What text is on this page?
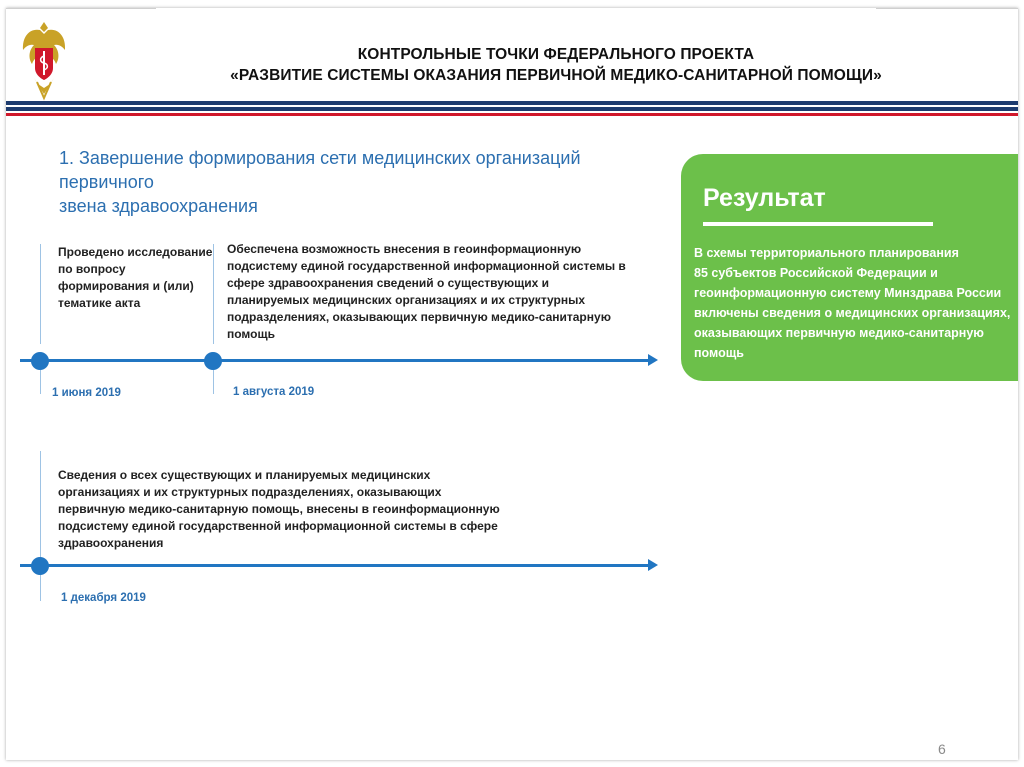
КОНТРОЛЬНЫЕ ТОЧКИ ФЕДЕРАЛЬНОГО ПРОЕКТА
«РАЗВИТИЕ СИСТЕМЫ ОКАЗАНИЯ ПЕРВИЧНОЙ МЕДИКО-САНИТАРНОЙ ПОМОЩИ»
1. Завершение формирования сети медицинских организаций первичного
звена здравоохранения
Проведено исследование
по вопросу
формирования и (или)
тематике акта
1 июня 2019
Обеспечена возможность внесения в геоинформационную
подсистему единой государственной информационной системы в
сфере здравоохранения сведений о существующих и
планируемых медицинских организациях и их структурных
подразделениях, оказывающих первичную медико-санитарную
помощь
1 августа 2019
Сведения о всех существующих и планируемых медицинских
организациях и их структурных подразделениях, оказывающих
первичную медико-санитарную помощь, внесены в геоинформационную
подсистему единой государственной информационной системы в сфере
здравоохранения
1 декабря 2019
Результат
В схемы территориального планирования
85 субъектов Российской Федерации и
геоинформационную систему Минздрава России
включены сведения о медицинских организациях,
оказывающих первичную медико-санитарную
помощь
6
